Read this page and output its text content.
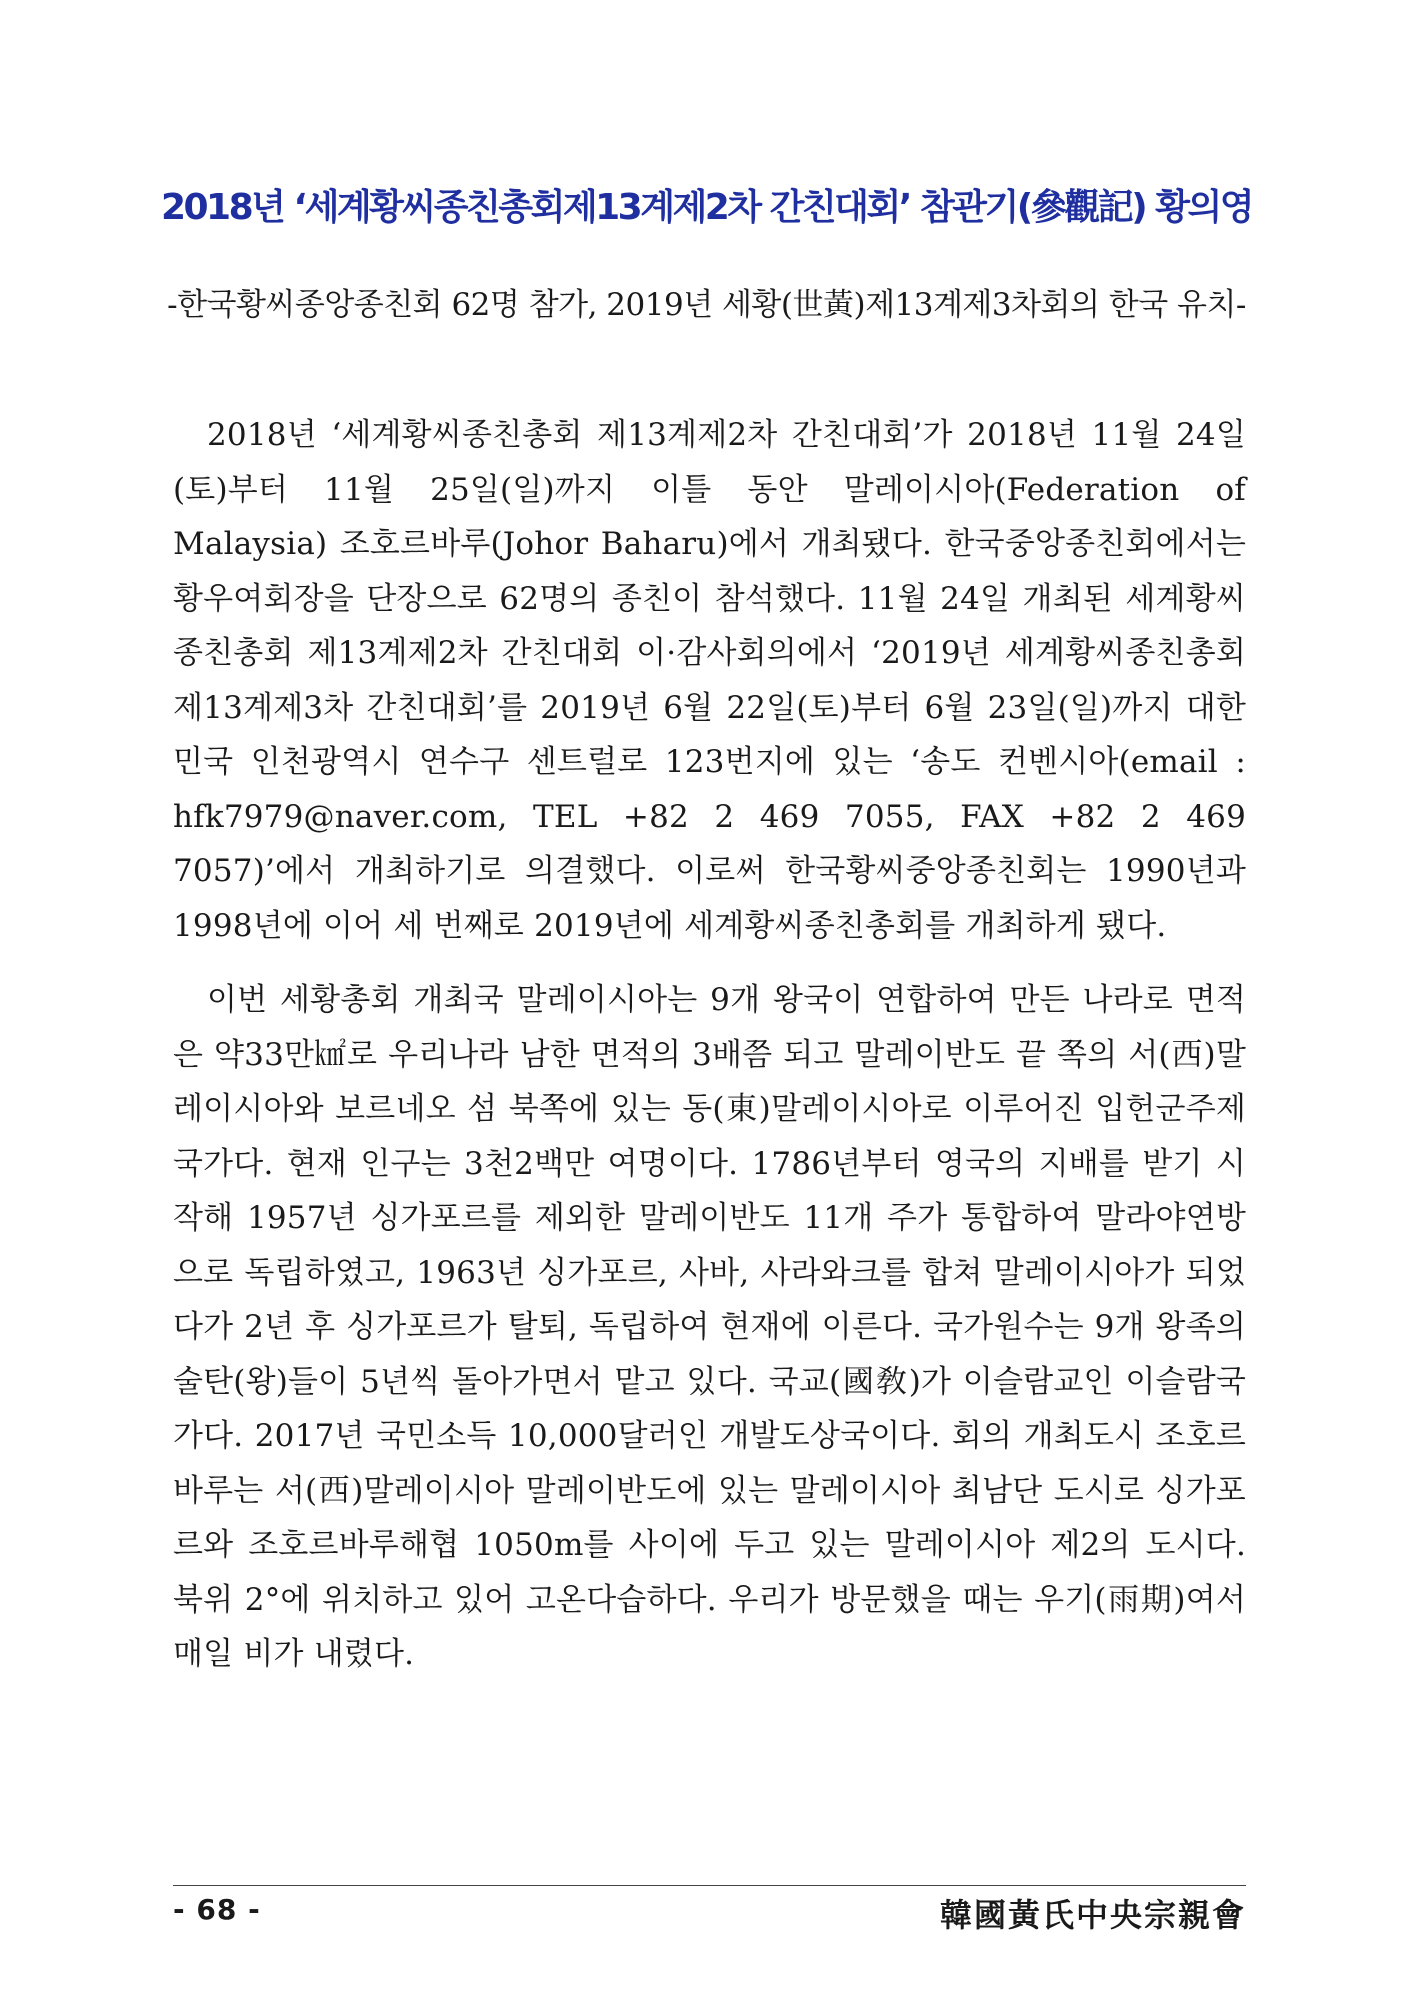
2018년 ‘세계황씨종친총회제13계제2차 간친대회’ 참관기(參觀記) 황의영
-한국황씨종앙종친회 62명 참가, 2019년 세황(世黃)제13계제3차회의 한국 유치-

2018년 ‘세계황씨종친총회 제13계제2차 간친대회’가 2018년 11월 24일(토)부터 11월 25일(일)까지 이틀 동안 말레이시아(Federation of Malaysia) 조호르바루(Johor Baharu)에서 개최됐다. 한국중앙종친회에서는 황우여회장을 단장으로 62명의 종친이 참석했다. 11월 24일 개최된 세계황씨종친총회 제13계제2차 간친대회 이·감사회의에서 ‘2019년 세계황씨종친총회 제13계제3차 간친대회’를 2019년 6월 22일(토)부터 6월 23일(일)까지 대한민국 인천광역시 연수구 센트럴로 123번지에 있는 ‘송도 컨벤시아(email : hfk7979@naver.com, TEL +82 2 469 7055, FAX +82 2 469 7057)’에서 개최하기로 의결했다. 이로써 한국황씨중앙종친회는 1990년과 1998년에 이어 세 번째로 2019년에 세계황씨종친총회를 개최하게 됐다.

이번 세황총회 개최국 말레이시아는 9개 왕국이 연합하여 만든 나라로 면적은 약33만㎢로 우리나라 남한 면적의 3배쯤 되고 말레이반도 끝 쪽의 서(西)말레이시아와 보르네오 섬 북쪽에 있는 동(東)말레이시아로 이루어진 입헌군주제 국가다. 현재 인구는 3천2백만 여명이다. 1786년부터 영국의 지배를 받기 시작해 1957년 싱가포르를 제외한 말레이반도 11개 주가 통합하여 말라야연방으로 독립하였고, 1963년 싱가포르, 사바, 사라와크를 합쳐 말레이시아가 되었다가 2년 후 싱가포르가 탈퇴, 독립하여 현재에 이른다. 국가원수는 9개 왕족의 술탄(왕)들이 5년씩 돌아가면서 맡고 있다. 국교(國敎)가 이슬람교인 이슬람국가다. 2017년 국민소득 10,000달러인 개발도상국이다. 회의 개최도시 조호르바루는 서(西)말레이시아 말레이반도에 있는 말레이시아 최남단 도시로 싱가포르와 조호르바루해협 1050m를 사이에 두고 있는 말레이시아 제2의 도시다. 북위 2°에 위치하고 있어 고온다습하다. 우리가 방문했을 때는 우기(雨期)여서 매일 비가 내렸다.

- 68 -	韓國黃氏中央宗親會
